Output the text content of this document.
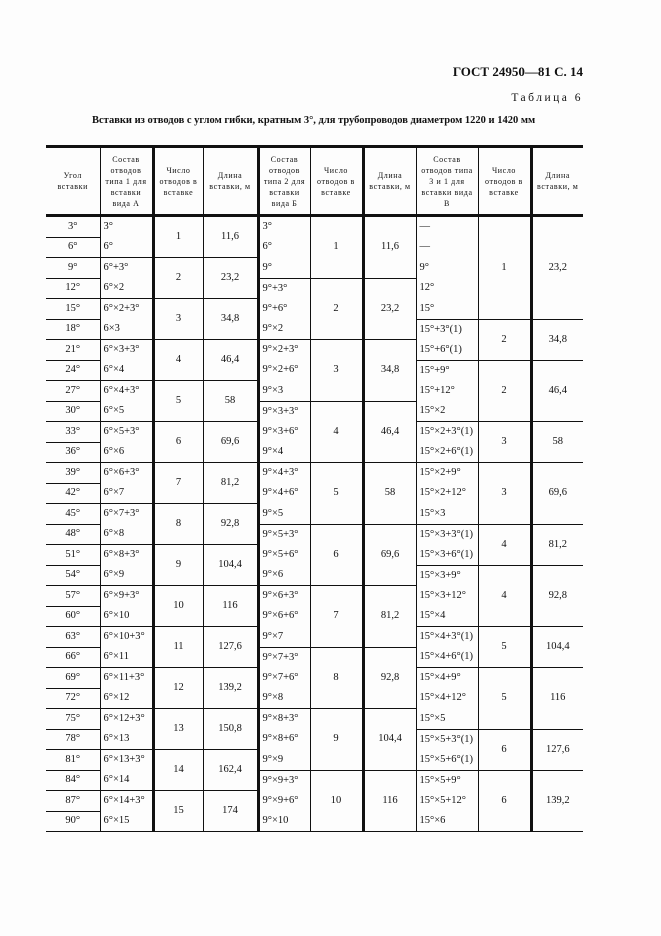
ГОСТ 24950—81 С. 14
Таблица 6
Вставки из отводов с углом гибки, кратным 3°, для трубопроводов диаметром 1220 и 1420 мм
Угол вставки	Состав отводов типа 1 для вставки вида А	Число отводов в вставке	Длина вставки, м	Состав отводов типа 2 для вставки вида Б	Число отводов в вставке	Длина вставки, м	Состав отводов типа 3 и 1 для вставки вида В	Число отводов в вставке	Длина вставки, м
3°	3°	1	11,6	3°	1	11,6	—	1	23,2
6°	6°			6°			—		
9°	6°+3°	2	23,2	9°			9°		
12°	6°×2			9°+3°	2	23,2	12°		
15°	6°×2+3°	3	34,8	9°+6°			15°		
18°	6×3			9°×2			15°+3°(1)	2	34,8
21°	6°×3+3°	4	46,4	9°×2+3°	3	34,8	15°+6°(1)		
24°	6°×4			9°×2+6°			15°+9°	2	46,4
27°	6°×4+3°	5	58	9°×3			15°+12°		
30°	6°×5			9°×3+3°	4	46,4	15°×2		
33°	6°×5+3°	6	69,6	9°×3+6°			15°×2+3°(1)	3	58
36°	6°×6			9°×4			15°×2+6°(1)		
39°	6°×6+3°	7	81,2	9°×4+3°	5	58	15°×2+9°	3	69,6
42°	6°×7			9°×4+6°			15°×2+12°		
45°	6°×7+3°	8	92,8	9°×5			15°×3		
48°	6°×8			9°×5+3°	6	69,6	15°×3+3°(1)	4	81,2
51°	6°×8+3°	9	104,4	9°×5+6°			15°×3+6°(1)		
54°	6°×9			9°×6			15°×3+9°	4	92,8
57°	6°×9+3°	10	116	9°×6+3°	7	81,2	15°×3+12°		
60°	6°×10			9°×6+6°			15°×4		
63°	6°×10+3°	11	127,6	9°×7			15°×4+3°(1)	5	104,4
66°	6°×11			9°×7+3°	8	92,8	15°×4+6°(1)		
69°	6°×11+3°	12	139,2	9°×7+6°			15°×4+9°	5	116
72°	6°×12			9°×8			15°×4+12°		
75°	6°×12+3°	13	150,8	9°×8+3°	9	104,4	15°×5		
78°	6°×13			9°×8+6°			15°×5+3°(1)	6	127,6
81°	6°×13+3°	14	162,4	9°×9			15°×5+6°(1)		
84°	6°×14			9°×9+3°	10	116	15°×5+9°	6	139,2
87°	6°×14+3°	15	174	9°×9+6°			15°×5+12°		
90°	6°×15			9°×10			15°×6		
